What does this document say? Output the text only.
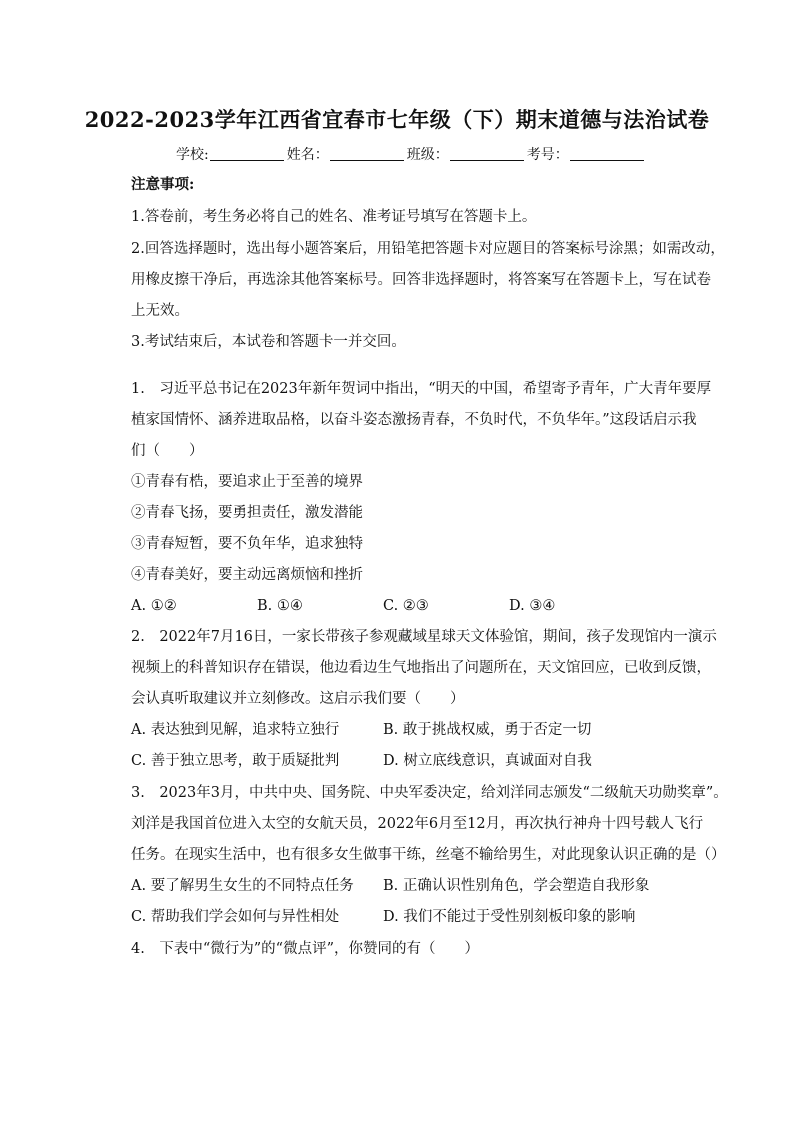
2022-2023学年江西省宜春市七年级（下）期末道德与法治试卷
学校:	姓名：	班级：	考号：
注意事项:
1.答卷前，考生务必将自己的姓名、准考证号填写在答题卡上。
2.回答选择题时，选出每小题答案后，用铅笔把答题卡对应题目的答案标号涂黑；如需改动，
用橡皮擦干净后，再选涂其他答案标号。回答非选择题时，将答案写在答题卡上，写在试卷
上无效。
3.考试结束后，本试卷和答题卡一并交回。
1.　习近平总书记在2023年新年贺词中指出，“明天的中国，希望寄予青年，广大青年要厚
植家国情怀、涵养进取品格，以奋斗姿态激扬青春，不负时代，不负华年。”这段话启示我
们（　　）
①青春有梏，要追求止于至善的境界
②青春飞扬，要勇担责任，激发潜能
③青春短暂，要不负年华，追求独特
④青春美好，要主动远离烦恼和挫折
A. ①②	B. ①④	C. ②③	D. ③④
2.　2022年7月16日，一家长带孩子参观藏域星球天文体验馆，期间，孩子发现馆内一演示
视频上的科普知识存在错误，他边看边生气地指出了问题所在，天文馆回应，已收到反馈，
会认真听取建议并立刻修改。这启示我们要（　　）
A. 表达独到见解，追求特立独行	B. 敢于挑战权威，勇于否定一切
C. 善于独立思考，敢于质疑批判	D. 树立底线意识，真诚面对自我
3.　2023年3月，中共中央、国务院、中央军委决定，给刘洋同志颁发“二级航天功勋奖章”。
刘洋是我国首位进入太空的女航天员，2022年6月至12月，再次执行神舟十四号载人飞行
任务。在现实生活中，也有很多女生做事干练，丝毫不输给男生，对此现象认识正确的是（）
A. 要了解男生女生的不同特点任务 B. 正确认识性别角色，学会塑造自我形象
C. 帮助我们学会如何与异性相处	D. 我们不能过于受性别刻板印象的影响
4.　下表中“微行为”的“微点评”，你赞同的有（　　）
